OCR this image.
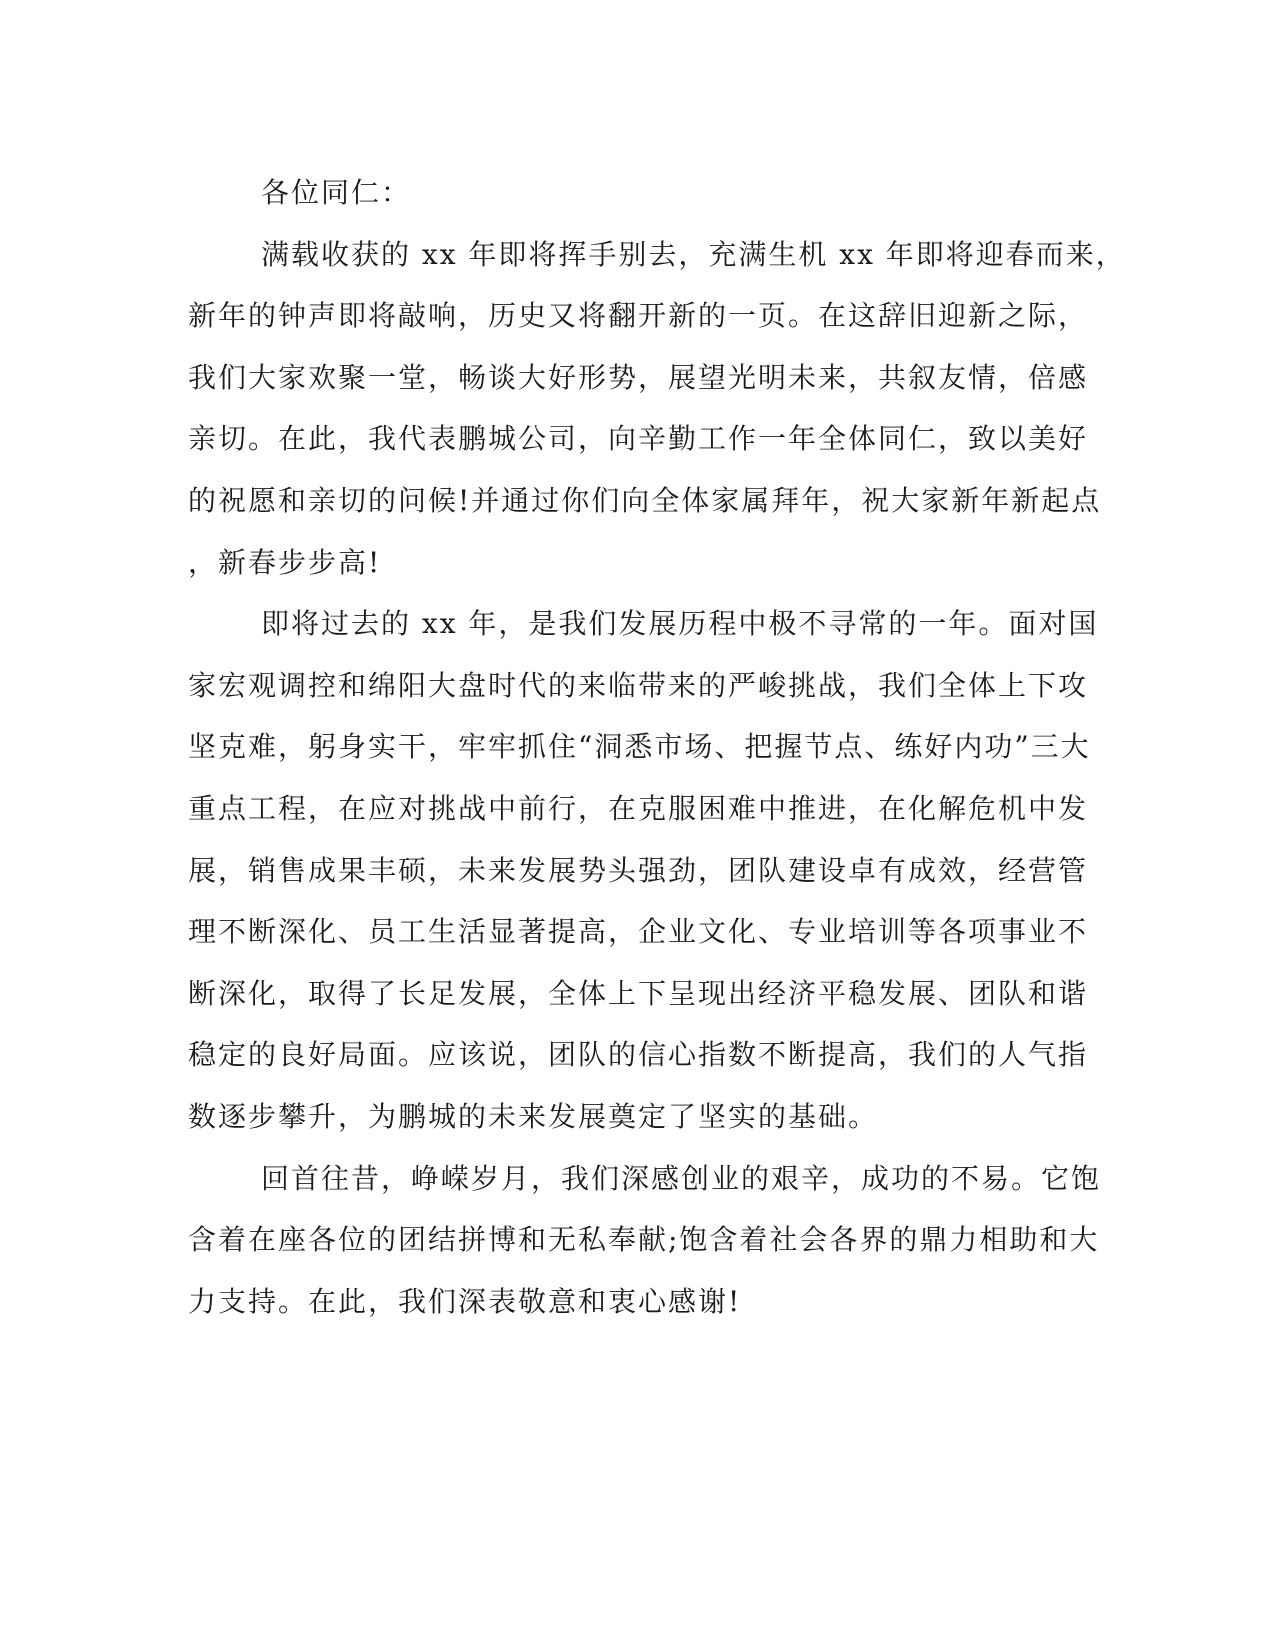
各位同仁：
满载收获的 xx 年即将挥手别去，充满生机 xx 年即将迎春而来，
新年的钟声即将敲响，历史又将翻开新的一页。在这辞旧迎新之际，
我们大家欢聚一堂，畅谈大好形势，展望光明未来，共叙友情，倍感
亲切。在此，我代表鹏城公司，向辛勤工作一年全体同仁，致以美好
的祝愿和亲切的问候!并通过你们向全体家属拜年，祝大家新年新起点
，新春步步高!
即将过去的 xx 年，是我们发展历程中极不寻常的一年。面对国
家宏观调控和绵阳大盘时代的来临带来的严峻挑战，我们全体上下攻
坚克难，躬身实干，牢牢抓住“洞悉市场、把握节点、练好内功”三大
重点工程，在应对挑战中前行，在克服困难中推进，在化解危机中发
展，销售成果丰硕，未来发展势头强劲，团队建设卓有成效，经营管
理不断深化、员工生活显著提高，企业文化、专业培训等各项事业不
断深化，取得了长足发展，全体上下呈现出经济平稳发展、团队和谐
稳定的良好局面。应该说，团队的信心指数不断提高，我们的人气指
数逐步攀升，为鹏城的未来发展奠定了坚实的基础。
回首往昔，峥嵘岁月，我们深感创业的艰辛，成功的不易。它饱
含着在座各位的团结拼博和无私奉献;饱含着社会各界的鼎力相助和大
力支持。在此，我们深表敬意和衷心感谢!
